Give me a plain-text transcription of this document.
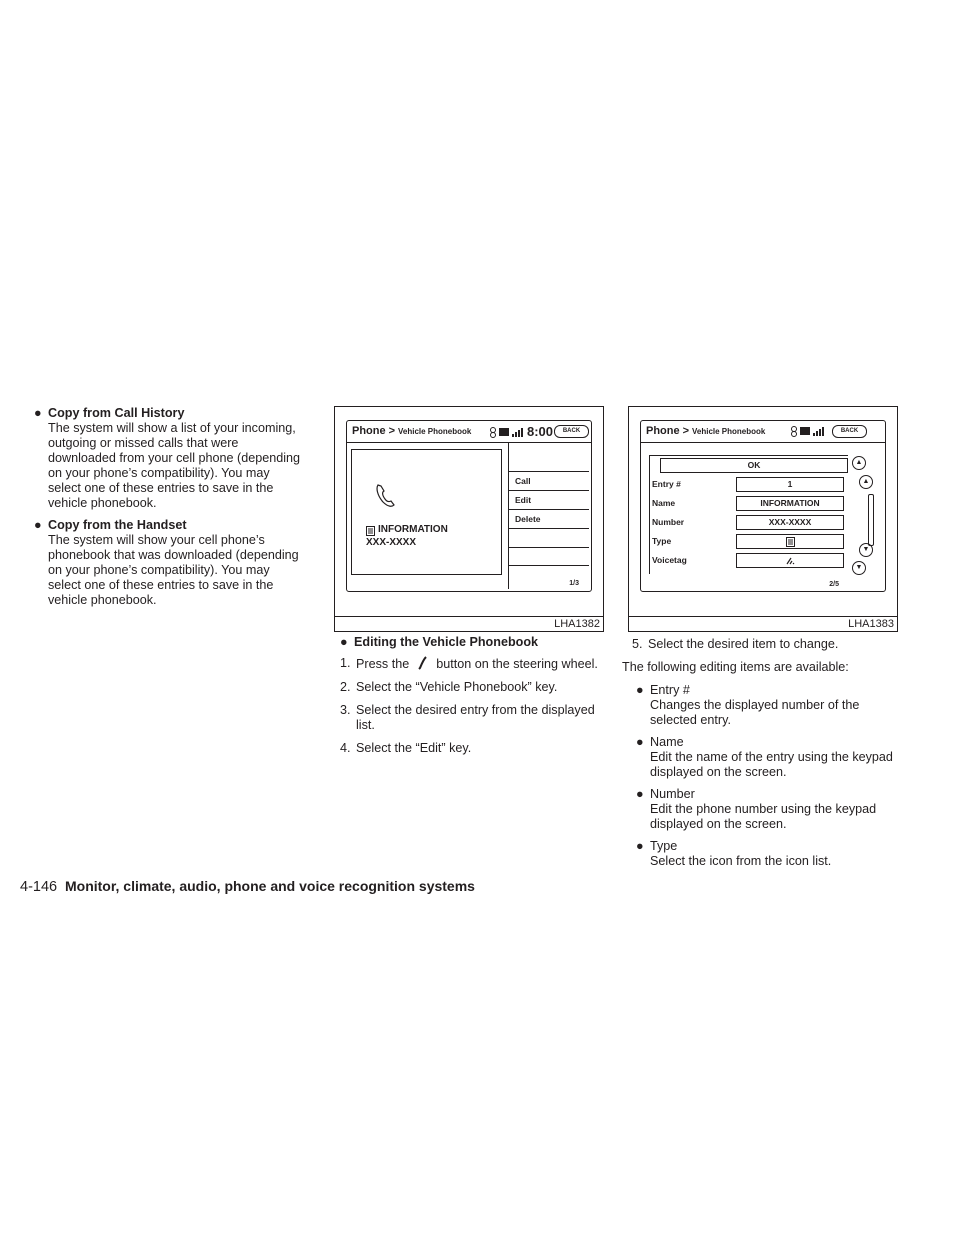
● Copy from Call History
The system will show a list of your incoming, outgoing or missed calls that were downloaded from your cell phone (depending on your phone’s compatibility). You may select one of these entries to save in the vehicle phonebook.
● Copy from the Handset
The system will show your cell phone’s phonebook that was downloaded (depending on your phone’s compatibility). You may select one of these entries to save in the vehicle phonebook.
Phone > Vehicle Phonebook	8:00	BACK
INFORMATION
XXX-XXXX
Call
Edit
Delete
1/3
LHA1382
Phone > Vehicle Phonebook	BACK
OK
Entry #	1
Name	INFORMATION
Number	XXX-XXXX
Type
Voicetag
▲
▲
▼
▼
2/5
LHA1383
● Editing the Vehicle Phonebook
1. Press the button on the steering wheel.
2. Select the “Vehicle Phonebook” key.
3. Select the desired entry from the displayed list.
4. Select the “Edit” key.
5. Select the desired item to change.
The following editing items are available:
● Entry #
Changes the displayed number of the selected entry.
● Name
Edit the name of the entry using the keypad displayed on the screen.
● Number
Edit the phone number using the keypad displayed on the screen.
● Type
Select the icon from the icon list.
4-146 Monitor, climate, audio, phone and voice recognition systems
